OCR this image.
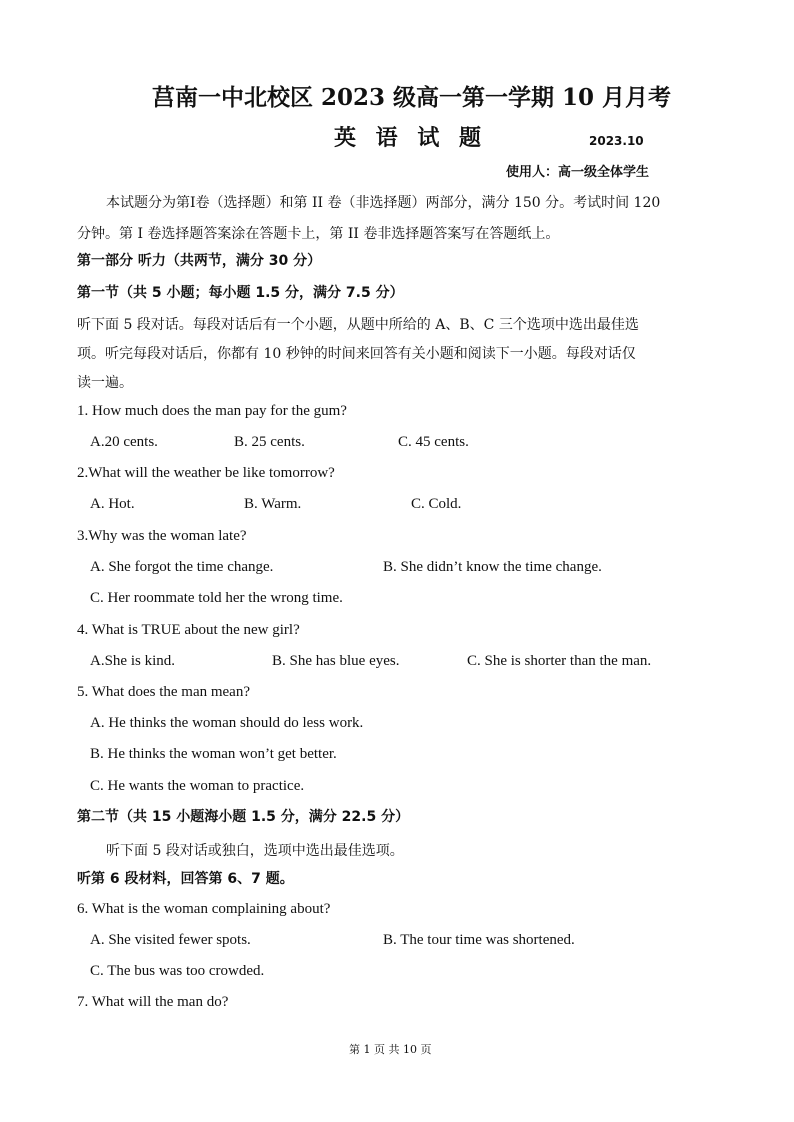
莒南一中北校区 2023 级高一第一学期 10 月月考
英 语 试 题	2023.10
使用人：高一级全体学生
本试题分为第Ⅰ卷（选择题）和第 II 卷（非选择题）两部分，满分 150 分。考试时间 120
分钟。第 I 卷选择题答案涂在答题卡上，第 II 卷非选择题答案写在答题纸上。
第一部分 听力（共两节，满分 30 分）
第一节（共 5 小题；每小题 1.5 分，满分 7.5 分）
听下面 5 段对话。每段对话后有一个小题，从题中所给的 A、B、C 三个选项中选出最佳选
项。听完每段对话后，你都有 10 秒钟的时间来回答有关小题和阅读下一小题。每段对话仅
读一遍。
1. How much does the man pay for the gum?
A.20 cents.	B. 25 cents.	C. 45 cents.
2.What will the weather be like tomorrow?
A. Hot.	B. Warm.	C. Cold.
3.Why was the woman late?
A. She forgot the time change.	B. She didn’t know the time change.
C. Her roommate told her the wrong time.
4. What is TRUE about the new girl?
A.She is kind.	B. She has blue eyes.	C. She is shorter than the man.
5. What does the man mean?
A. He thinks the woman should do less work.
B. He thinks the woman won’t get better.
C. He wants the woman to practice.
第二节（共 15 小题海小题 1.5 分，满分 22.5 分）
听下面 5 段对话或独白，选项中选出最佳选项。
听第 6 段材料，回答第 6、7 题。
6. What is the woman complaining about?
A. She visited fewer spots.	B. The tour time was shortened.
C. The bus was too crowded.
7. What will the man do?
第 1 页 共 10 页
